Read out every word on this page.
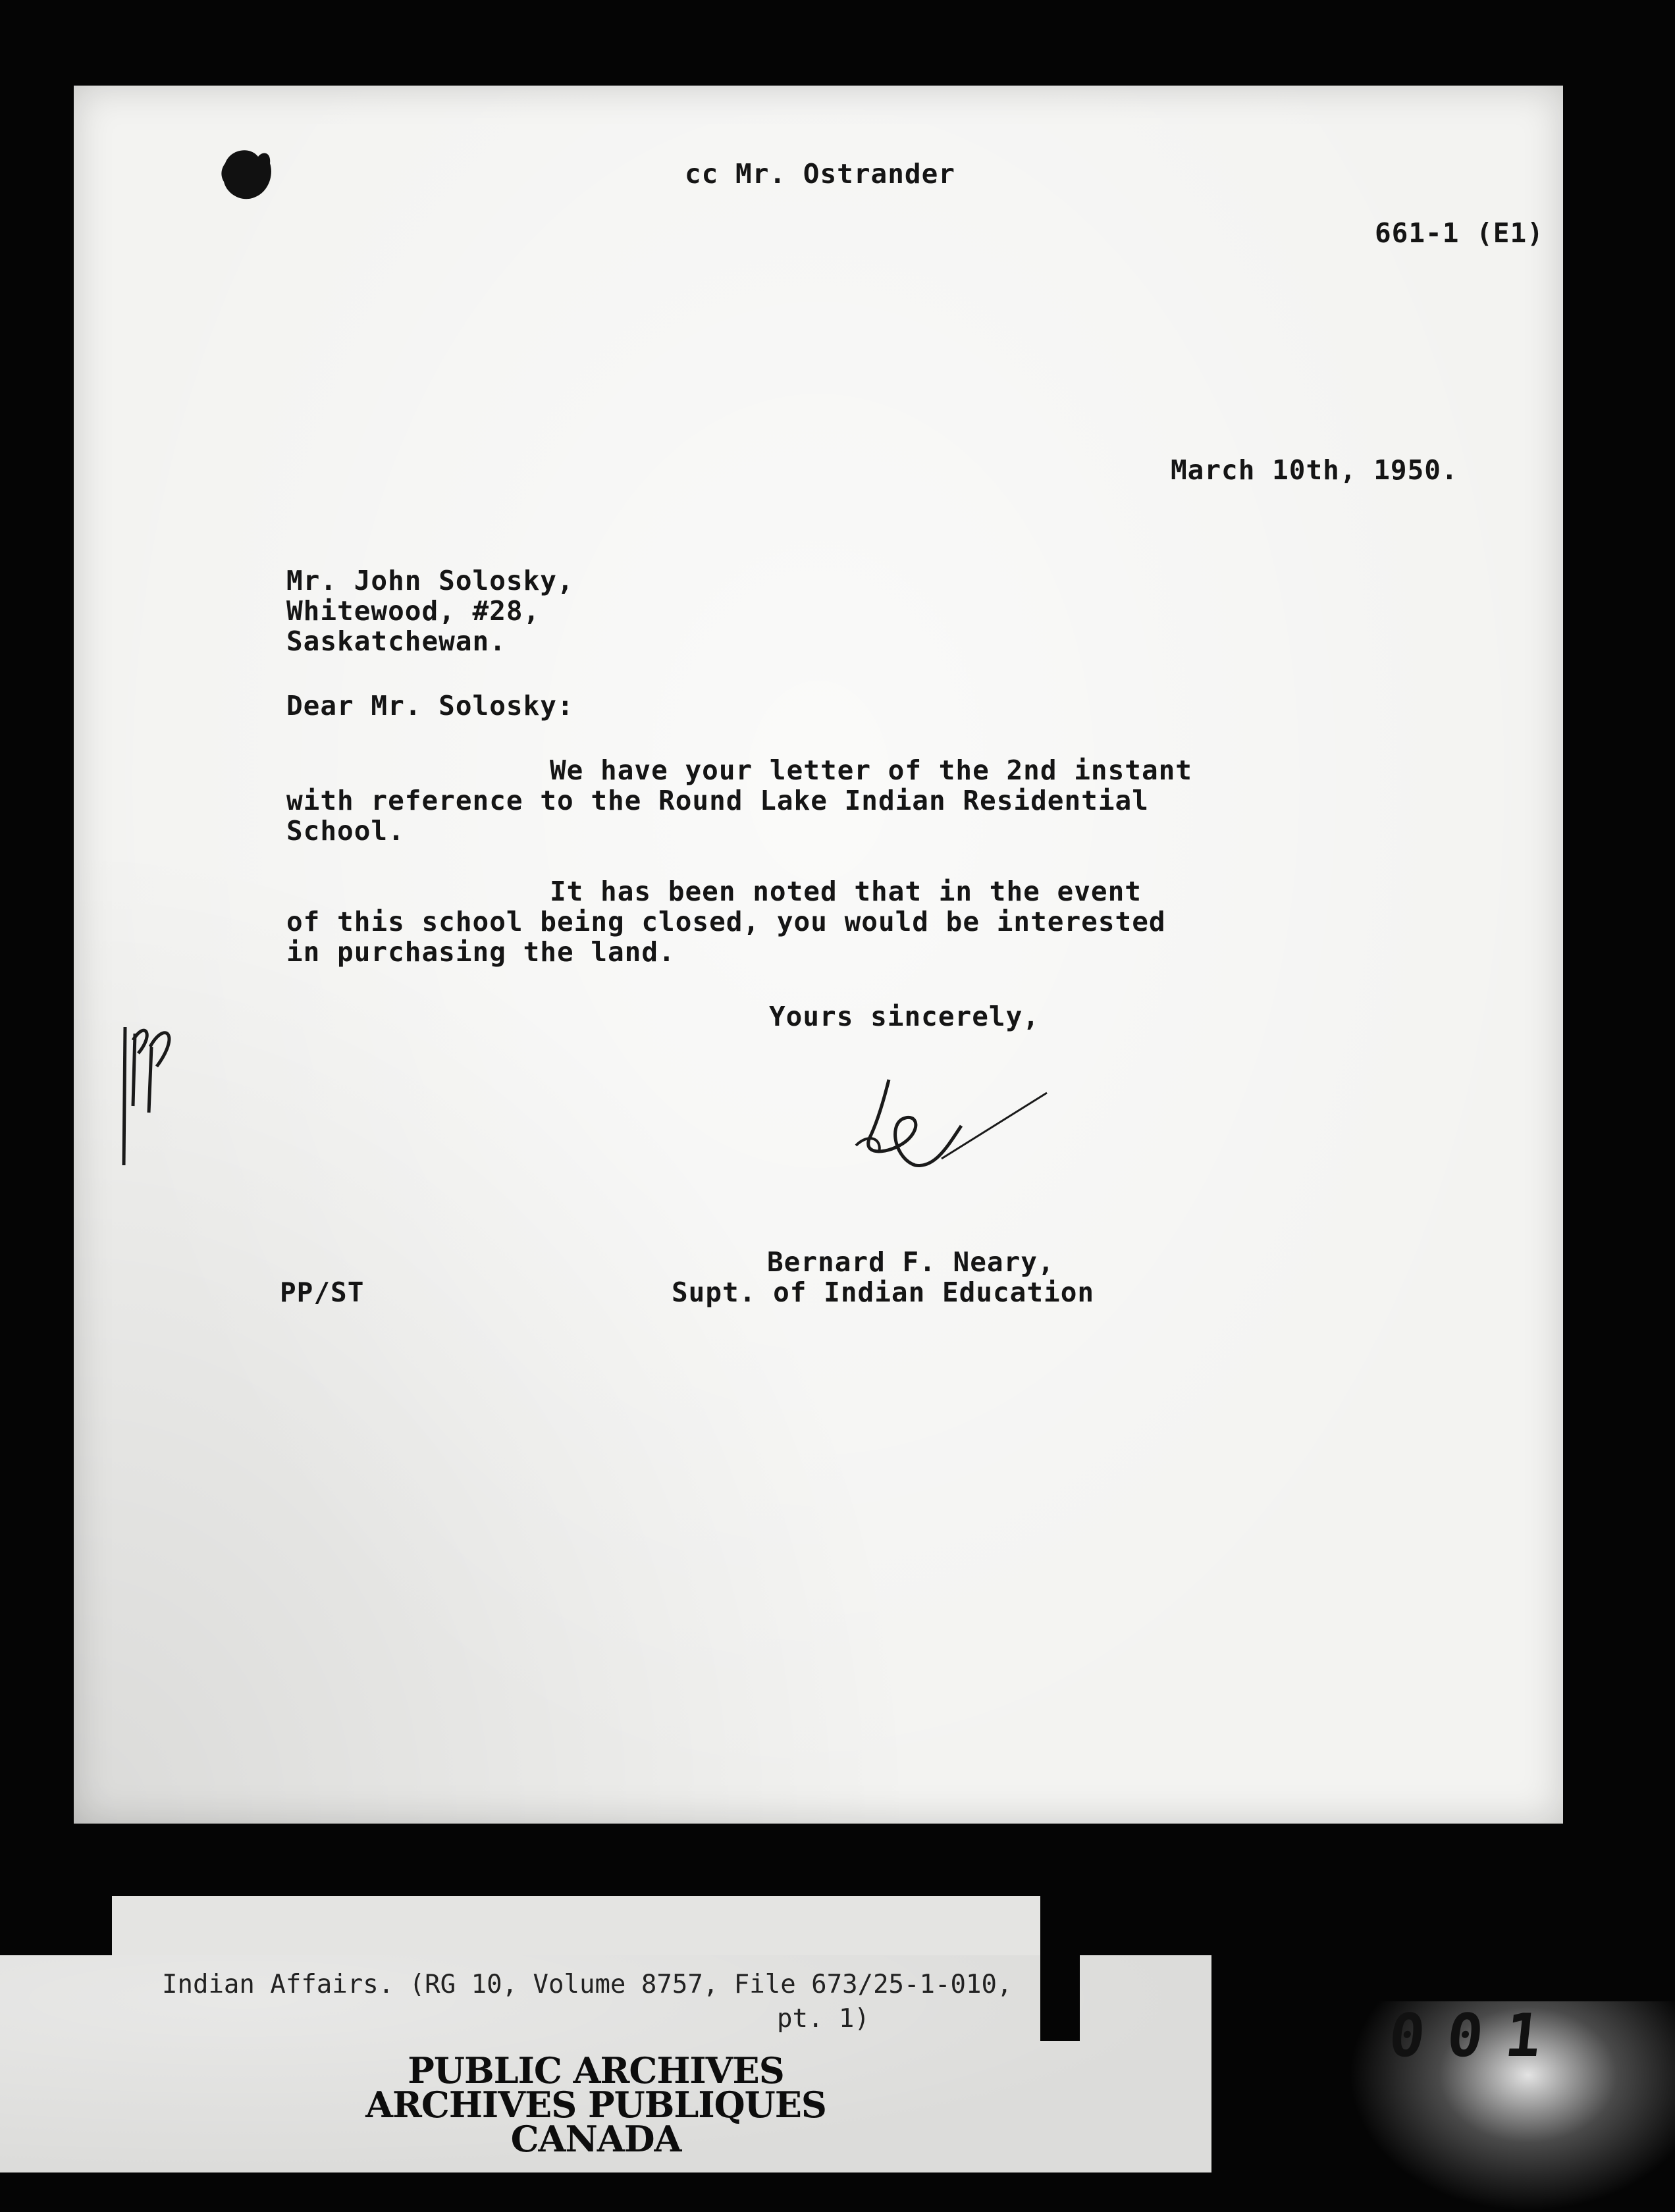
cc Mr. Ostrander

661-1 (E1)

March 10th, 1950.

Mr. John Solosky,

Whitewood, #28,

Saskatchewan.

Dear Mr. Solosky:

We have your letter of the 2nd instant

with reference to the Round Lake Indian Residential

School.

It has been noted that in the event

of this school being closed, you would be interested

in purchasing the land.

Yours sincerely,

Bernard F. Neary,

Supt. of Indian Education

PP/ST

Indian Affairs. (RG 10, Volume 8757, File 673/25-1-010,

pt. 1)

PUBLIC ARCHIVES

ARCHIVES PUBLIQUES

CANADA

001
